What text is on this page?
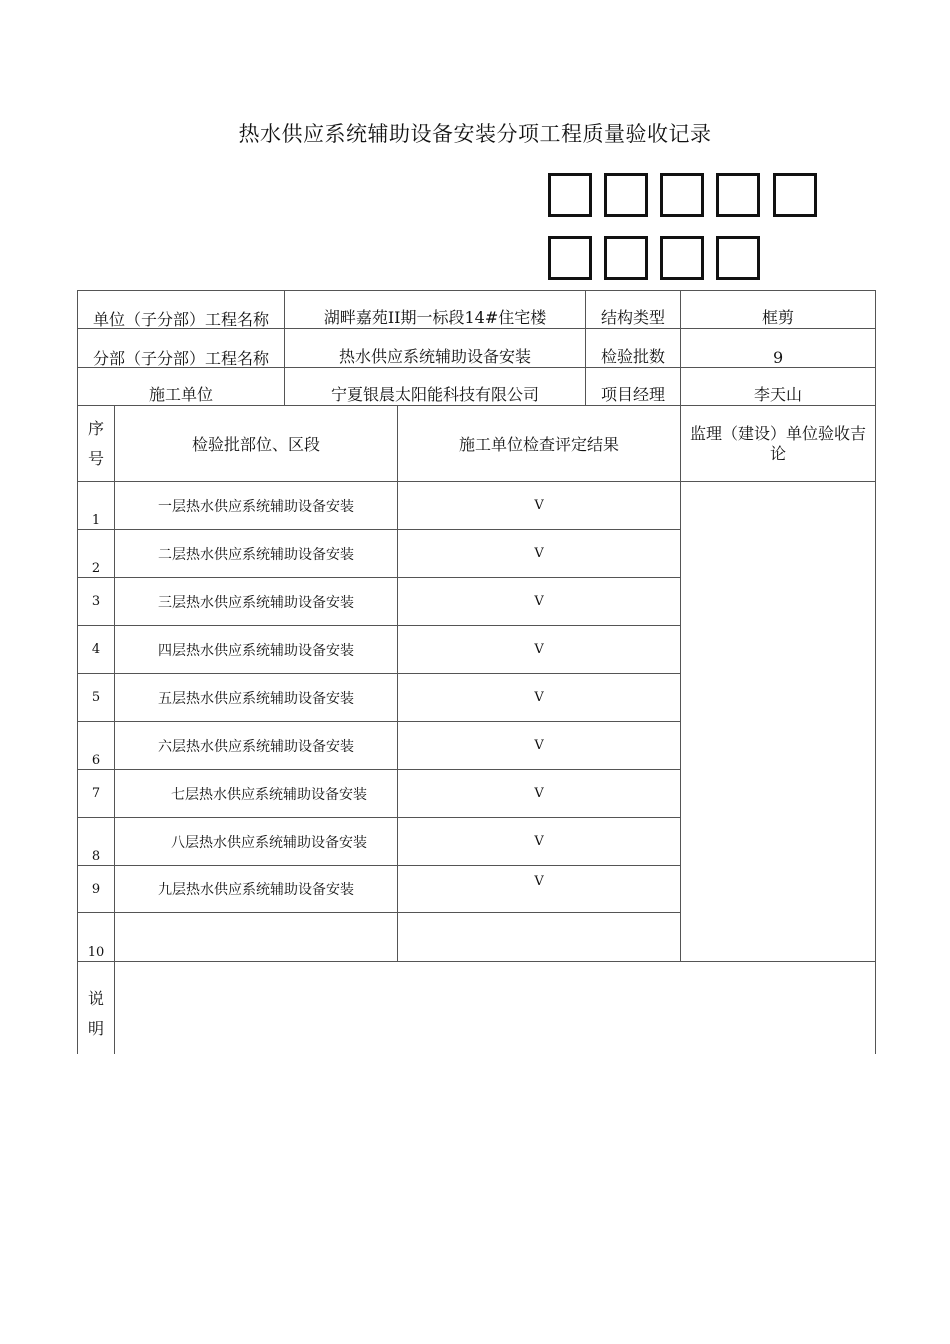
热水供应系统辅助设备安装分项工程质量验收记录
单位（子分部）工程名称		湖畔嘉苑II期一标段14#住宅楼		结构类型	框剪
分部（子分部）工程名称		热水供应系统辅助设备安装		检验批数	9
施工单位		宁夏银晨太阳能科技有限公司		项目经理	李天山
序号	检验批部位、区段		施工单位检查评定结果		监理（建设）单位验收吉论
1	一层热水供应系统辅助设备安装		V		
2	二层热水供应系统辅助设备安装		V		
3	三层热水供应系统辅助设备安装		V		
4	四层热水供应系统辅助设备安装		V		
5	五层热水供应系统辅助设备安装		V		
6	六层热水供应系统辅助设备安装		V		
7	七层热水供应系统辅助设备安装		V		
8	八层热水供应系统辅助设备安装		V		
9	九层热水供应系统辅助设备安装		V		
10					
说明					
